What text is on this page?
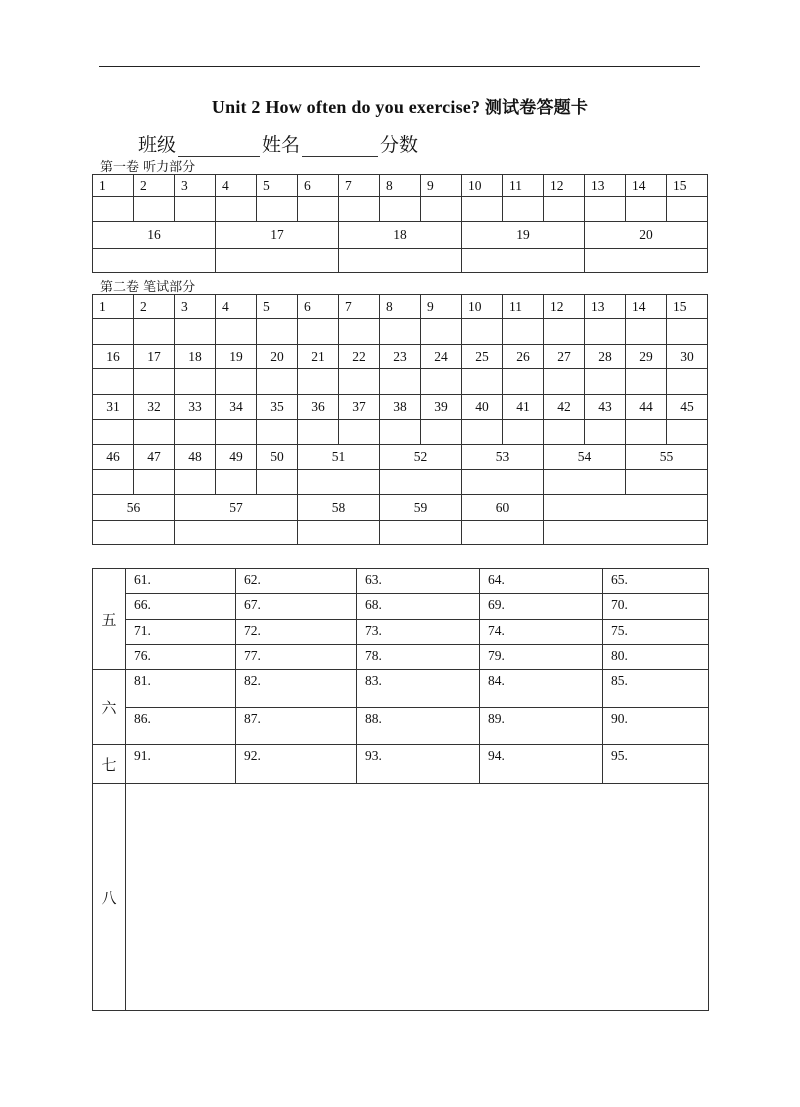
Unit 2 How often do you exercise? 测试卷答题卡
班级	姓名	分数
第一卷 听力部分
1	2	3	4	5	6	7	8	9	10	11	12	13	14	15

16			17			18			19			20		

第二卷 笔试部分
1	2	3	4	5	6	7	8	9	10	11	12	13	14	15

16	17	18	19	20	21	22	23	24	25	26	27	28	29	30

31	32	33	34	35	36	37	38	39	40	41	42	43	44	45

46	47	48	49	50	51		52		53		54		55	

56		57			58		59		60					

五	61.	62.	63.	64.	65.
	66.	67.	68.	69.	70.
	71.	72.	73.	74.	75.
	76.	77.	78.	79.	80.
六	81.	82.	83.	84.	85.
	86.	87.	88.	89.	90.
七	91.	92.	93.	94.	95.
八					
